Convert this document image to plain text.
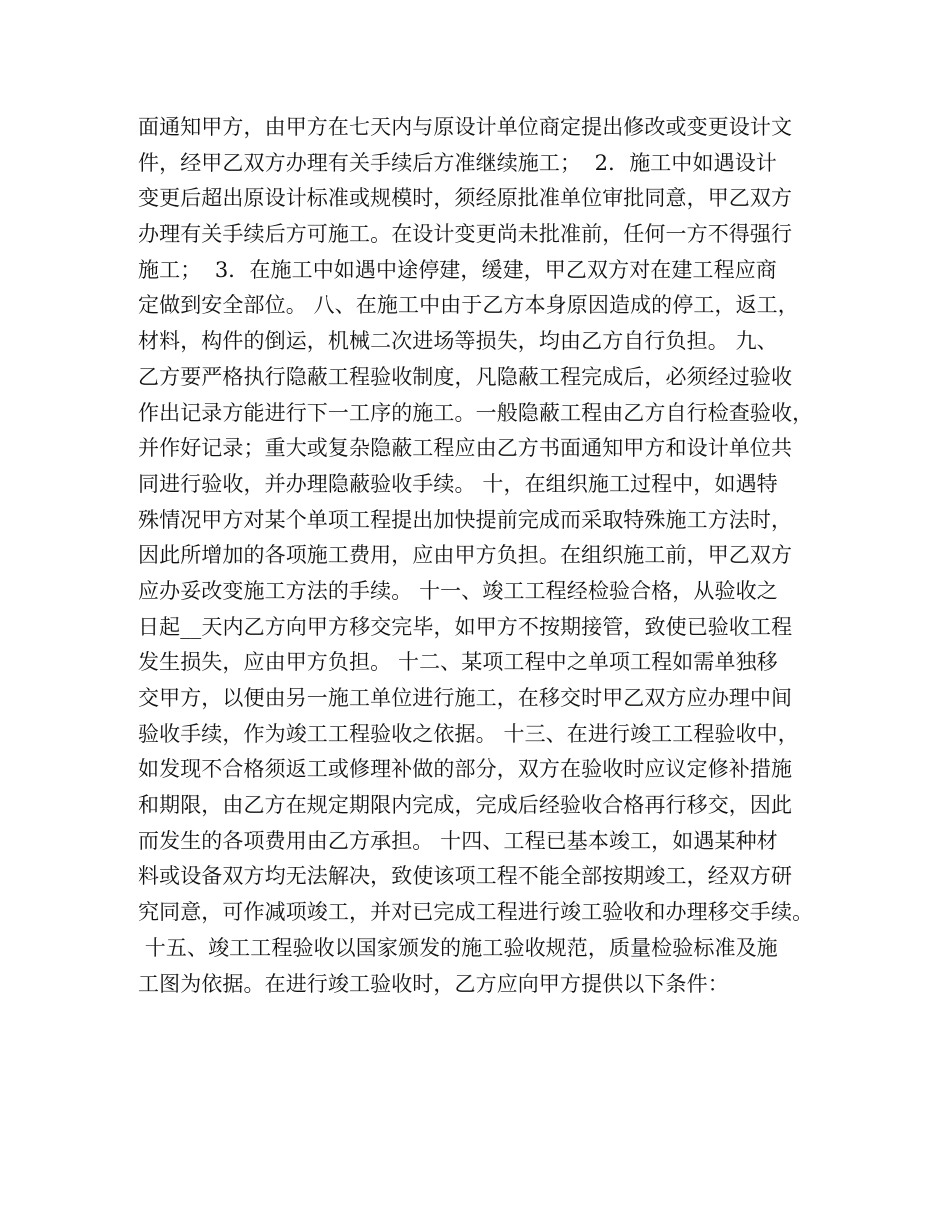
面通知甲方，由甲方在七天内与原设计单位商定提出修改或变更设计文
件，经甲乙双方办理有关手续后方准继续施工；  2．施工中如遇设计
变更后超出原设计标准或规模时，须经原批准单位审批同意，甲乙双方
办理有关手续后方可施工。在设计变更尚未批准前，任何一方不得强行
施工；  3．在施工中如遇中途停建，缓建，甲乙双方对在建工程应商
定做到安全部位。 八、在施工中由于乙方本身原因造成的停工，返工，
材料，构件的倒运，机械二次进场等损失，均由乙方自行负担。 九、
乙方要严格执行隐蔽工程验收制度，凡隐蔽工程完成后，必须经过验收
作出记录方能进行下一工序的施工。一般隐蔽工程由乙方自行检查验收，
并作好记录；重大或复杂隐蔽工程应由乙方书面通知甲方和设计单位共
同进行验收，并办理隐蔽验收手续。 十，在组织施工过程中，如遇特
殊情况甲方对某个单项工程提出加快提前完成而采取特殊施工方法时，
因此所增加的各项施工费用，应由甲方负担。在组织施工前，甲乙双方
应办妥改变施工方法的手续。 十一、竣工工程经检验合格，从验收之
日起__天内乙方向甲方移交完毕，如甲方不按期接管，致使已验收工程
发生损失，应由甲方负担。 十二、某项工程中之单项工程如需单独移
交甲方，以便由另一施工单位进行施工，在移交时甲乙双方应办理中间
验收手续，作为竣工工程验收之依据。 十三、在进行竣工工程验收中，
如发现不合格须返工或修理补做的部分，双方在验收时应议定修补措施
和期限，由乙方在规定期限内完成，完成后经验收合格再行移交，因此
而发生的各项费用由乙方承担。 十四、工程已基本竣工，如遇某种材
料或设备双方均无法解决，致使该项工程不能全部按期竣工，经双方研
究同意，可作减项竣工，并对已完成工程进行竣工验收和办理移交手续。
十五、竣工工程验收以国家颁发的施工验收规范，质量检验标准及施
工图为依据。在进行竣工验收时，乙方应向甲方提供以下条件：
